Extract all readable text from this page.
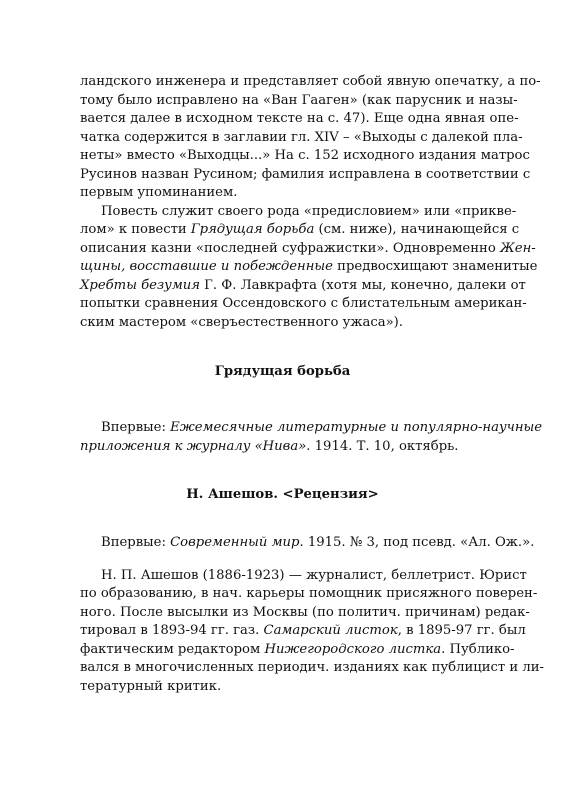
ландского инженера и представляет собой явную опечатку, а по-
тому было исправлено на «Ван Гааген» (как парусник и назы-
вается далее в исходном тексте на с. 47). Еще одна явная опе-
чатка содержится в заглавии гл. XIV – «Выходы с далекой пла-
неты» вместо «Выходцы...» На с. 152 исходного издания матрос
Русинов назван Русином; фамилия исправлена в соответствии с
первым упоминанием.
Повесть служит своего рода «предисловием» или «приквe-
лом» к повести Грядущая борьба (см. ниже), начинающейся с
описания казни «последней суфражистки». Одновременно Жен-
щины, восставшие и побежденные предвосхищают знаменитые
Хребты безумия Г. Ф. Лавкрафта (хотя мы, конечно, далеки от
попытки сравнения Оссендовского с блистательным американ-
ским мастером «сверъестественного ужаса»).
Грядущая борьба
Впервые: Ежемесячные литературные и популярно-научные
приложения к журналу «Нива». 1914. Т. 10, октябрь.
Н. Ашешов. <Рецензия>
Впервые: Современный мир. 1915. № 3, под псевд. «Ал. Ож.».
Н. П. Ашешов (1886-1923) — журналист, беллетрист. Юрист
по образованию, в нач. карьеры помощник присяжного поверен-
ного. После высылки из Москвы (по политич. причинам) редак-
тировал в 1893-94 гг. газ. Самарский листок, в 1895-97 гг. был
фактическим редактором Нижегородского листка. Публико-
вался в многочисленных периодич. изданиях как публицист и ли-
тературный критик.
